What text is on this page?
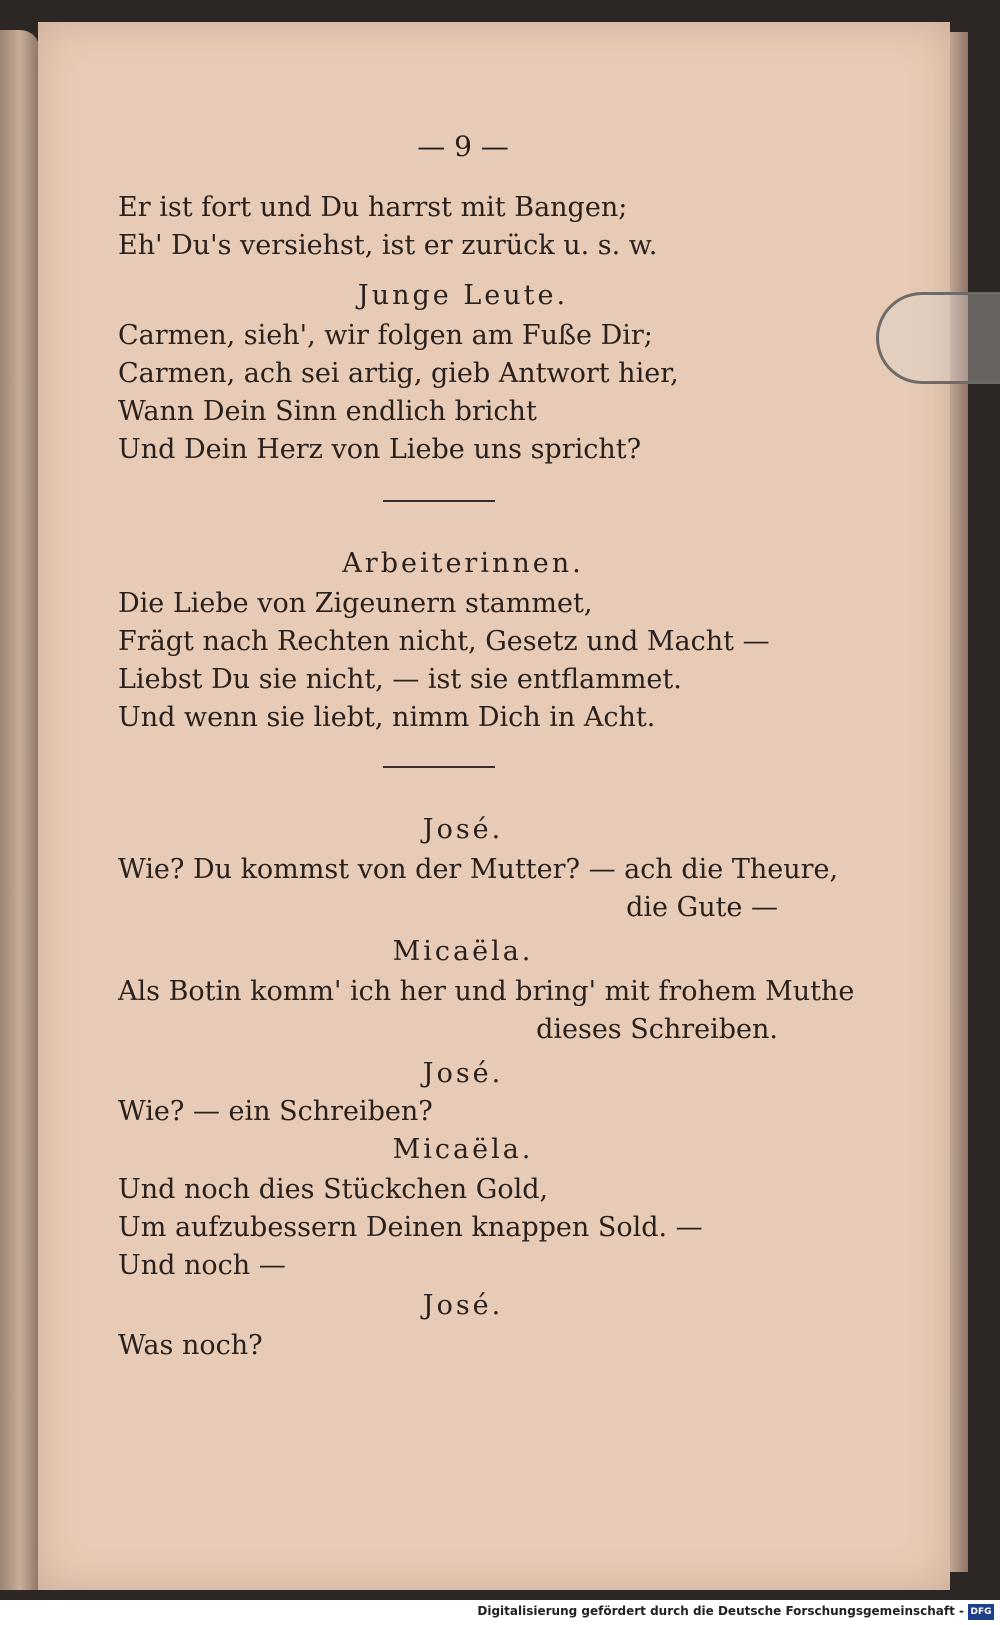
— 9 —
Er ist fort und Du harrst mit Bangen;
Eh' Du's versiehst, ist er zurück u. s. w.
Junge Leute.
Carmen, sieh', wir folgen am Fuße Dir;
Carmen, ach sei artig, gieb Antwort hier,
Wann Dein Sinn endlich bricht
Und Dein Herz von Liebe uns spricht?
Arbeiterinnen.
Die Liebe von Zigeunern stammet,
Frägt nach Rechten nicht, Gesetz und Macht —
Liebst Du sie nicht, — ist sie entflammet.
Und wenn sie liebt, nimm Dich in Acht.
José.
Wie? Du kommst von der Mutter? — ach die Theure,
die Gute —
Micaëla.
Als Botin komm' ich her und bring' mit frohem Muthe
dieses Schreiben.
José.
Wie? — ein Schreiben?
Micaëla.
Und noch dies Stückchen Gold,
Um aufzubessern Deinen knappen Sold. —
Und noch —
José.
Was noch?
Digitalisierung gefördert durch die Deutsche Forschungsgemeinschaft - DFG
